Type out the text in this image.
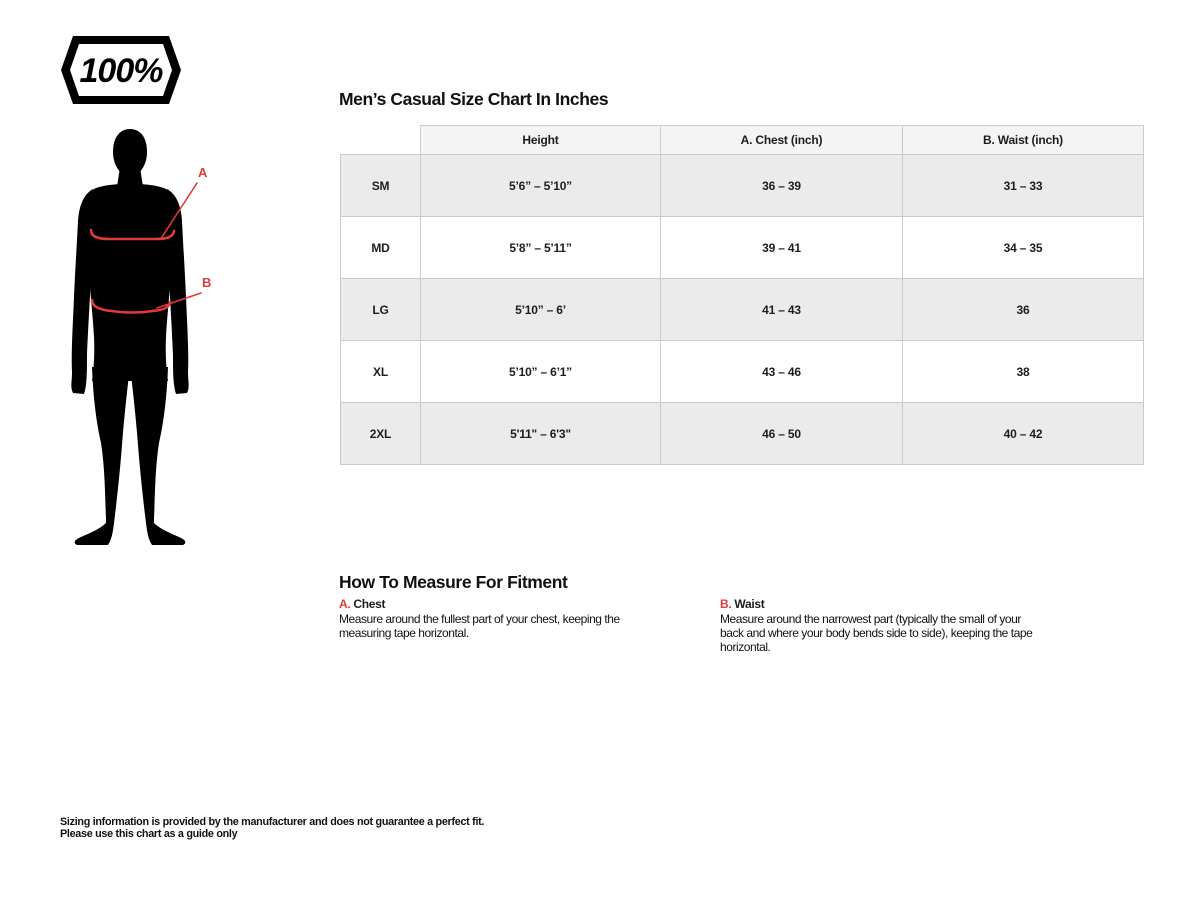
100%
A
B
Men’s Casual Size Chart In Inches
	Height	A. Chest (inch)	B. Waist (inch)
SM	5’6” – 5’10”	36 – 39	31 – 33
MD	5’8” – 5’11”	39 – 41	34 – 35
LG	5’10” – 6’	41 – 43	36
XL	5’10” – 6’1”	43 – 46	38
2XL	5'11" – 6'3"	46 – 50	40 – 42
How To Measure For Fitment
A. Chest

Measure around the fullest part of your chest, keeping the measuring tape horizontal.

B. Waist

Measure around the narrowest part (typically the small of your back and where your body bends side to side), keeping the tape horizontal.

Sizing information is provided by the manufacturer and does not guarantee a perfect fit.
Please use this chart as a guide only
